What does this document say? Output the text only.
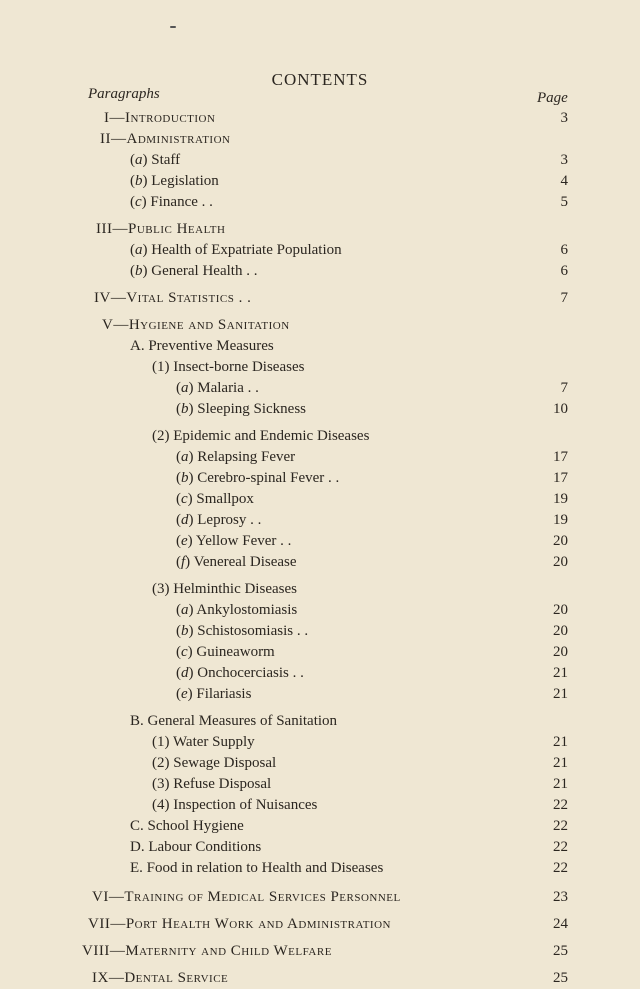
CONTENTS
Paragraphs	Page
I—Introduction	3
II—Administration
(a) Staff	3
(b) Legislation	4
(c) Finance . .	5
III—Public Health
(a) Health of Expatriate Population	6
(b) General Health . .	6
IV—Vital Statistics . .	7
V—Hygiene and Sanitation
A. Preventive Measures
(1) Insect-borne Diseases
(a) Malaria . .	7
(b) Sleeping Sickness	10
(2) Epidemic and Endemic Diseases
(a) Relapsing Fever	17
(b) Cerebro-spinal Fever . .	17
(c) Smallpox	19
(d) Leprosy . .	19
(e) Yellow Fever . .	20
(f) Venereal Disease	20
(3) Helminthic Diseases
(a) Ankylostomiasis	20
(b) Schistosomiasis . .	20
(c) Guineaworm	20
(d) Onchocerciasis . .	21
(e) Filariasis	21
B. General Measures of Sanitation
(1) Water Supply	21
(2) Sewage Disposal	21
(3) Refuse Disposal	21
(4) Inspection of Nuisances	22
C. School Hygiene	22
D. Labour Conditions	22
E. Food in relation to Health and Diseases	22
VI—Training of Medical Services Personnel	23
VII—Port Health Work and Administration	24
VIII—Maternity and Child Welfare	25
IX—Dental Service	25
